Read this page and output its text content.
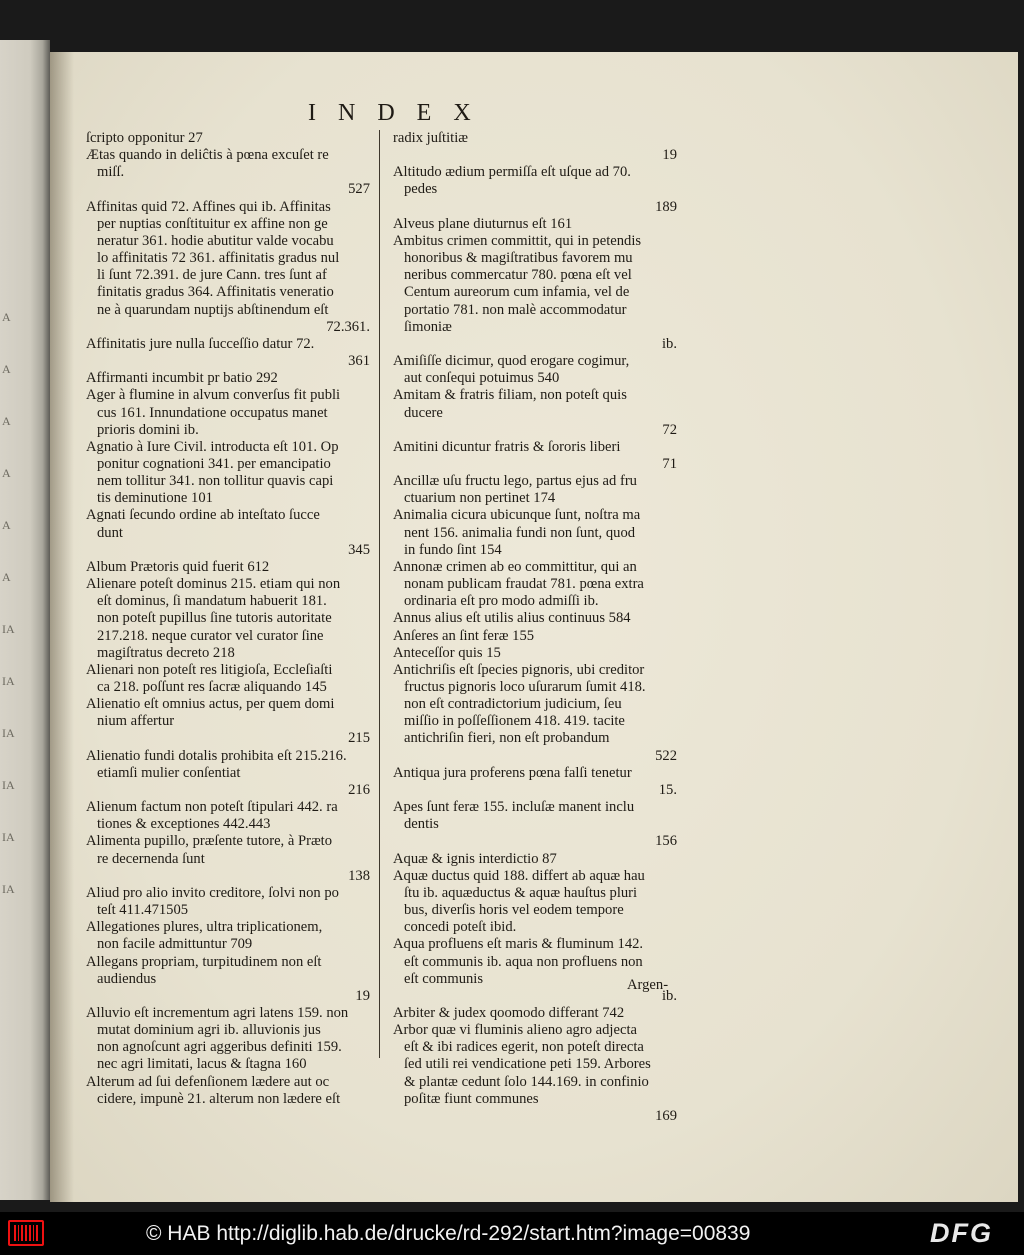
A
A
A
A
A
A
IA
IA
IA
IA
IA
IA
INDEX
ſcripto opponitur 27
Ætas quando in deliĉtis à pœna excuſet re
miſſ.
527
Affinitas quid 72. Affines qui ib. Affinitas
per nuptias conſtituitur ex affine non ge
neratur 361. hodie abutitur valde vocabu
lo affinitatis 72 361. affinitatis gradus nul
li ſunt 72.391. de jure Cann. tres ſunt af
finitatis gradus 364. Affinitatis veneratio
ne à quarundam nuptijs abſtinendum eſt
72.361.
Affinitatis jure nulla ſucceſſio datur 72.
361
Affirmanti incumbit pr batio 292
Ager à flumine in alvum converſus fit publi
cus 161. Innundatione occupatus manet
prioris domini ib.
Agnatio à Iure Civil. introducta eſt 101. Op
ponitur cognationi 341. per emancipatio
nem tollitur 341. non tollitur quavis capi
tis deminutione 101
Agnati ſecundo ordine ab inteſtato ſucce
dunt
345
Album Prætoris quid fuerit 612
Alienare poteſt dominus 215. etiam qui non
eſt dominus, ſi mandatum habuerit 181.
non poteſt pupillus ſine tutoris autoritate
217.218. neque curator vel curator ſine
magiſtratus decreto 218
Alienari non poteſt res litigioſa, Eccleſiaſti
ca 218. poſſunt res ſacræ aliquando 145
Alienatio eſt omnius actus, per quem domi
nium affertur
215
Alienatio fundi dotalis prohibita eſt 215.216.
etiamſi mulier conſentiat
216
Alienum factum non poteſt ſtipulari 442. ra
tiones & exceptiones 442.443
Alimenta pupillo, præſente tutore, à Præto
re decernenda ſunt
138
Aliud pro alio invito creditore, ſolvi non po
teſt 411.471505
Allegationes plures, ultra triplicationem,
non facile admittuntur 709
Allegans propriam, turpitudinem non eſt
audiendus
19
Alluvio eſt incrementum agri latens 159. non
mutat dominium agri ib. alluvionis jus
non agnoſcunt agri aggeribus definiti 159.
nec agri limitati, lacus & ſtagna 160
Alterum ad ſui defenſionem lædere aut oc
cidere, impunè 21. alterum non lædere eſt
radix juſtitiæ
19
Altitudo ædium permiſſa eſt uſque ad 70.
pedes
189
Alveus plane diuturnus eſt 161
Ambitus crimen committit, qui in petendis
honoribus & magiſtratibus favorem mu
neribus commercatur 780. pœna eſt vel
Centum aureorum cum infamia, vel de
portatio 781. non malè accommodatur
ſimoniæ
ib.
Amiſiſſe dicimur, quod erogare cogimur,
aut conſequi potuimus 540
Amitam & fratris filiam, non poteſt quis
ducere
72
Amitini dicuntur fratris & ſororis liberi
71
Ancillæ uſu fructu lego, partus ejus ad fru
ctuarium non pertinet 174
Animalia cicura ubicunque ſunt, noſtra ma
nent 156. animalia fundi non ſunt, quod
in fundo ſint 154
Annonæ crimen ab eo committitur, qui an
nonam publicam fraudat 781. pœna extra
ordinaria eſt pro modo admiſſi ib.
Annus alius eſt utilis alius continuus 584
Anſeres an ſint feræ 155
Anteceſſor quis 15
Antichriſis eſt ſpecies pignoris, ubi creditor
fructus pignoris loco uſurarum ſumit 418.
non eſt contradictorium judicium, ſeu
miſſio in poſſeſſionem 418. 419. tacite
antichriſin fieri, non eſt probandum
522
Antiqua jura proferens pœna falſi tenetur
15.
Apes ſunt feræ 155. incluſæ manent inclu
dentis
156
Aquæ & ignis interdictio 87
Aquæ ductus quid 188. differt ab aquæ hau
ſtu ib. aquæductus & aquæ hauſtus pluri
bus, diverſis horis vel eodem tempore
concedi poteſt ibid.
Aqua profluens eſt maris & fluminum 142.
eſt communis ib. aqua non profluens non
eſt communis
ib.
Arbiter & judex qoomodo differant 742
Arbor quæ vi fluminis alieno agro adjecta
eſt & ibi radices egerit, non poteſt directa
ſed utili rei vendicatione peti 159. Arbores
& plantæ cedunt ſolo 144.169. in confinio
poſitæ fiunt communes
169
Argen-
© HAB http://diglib.hab.de/drucke/rd-292/start.htm?image=00839	DFG
